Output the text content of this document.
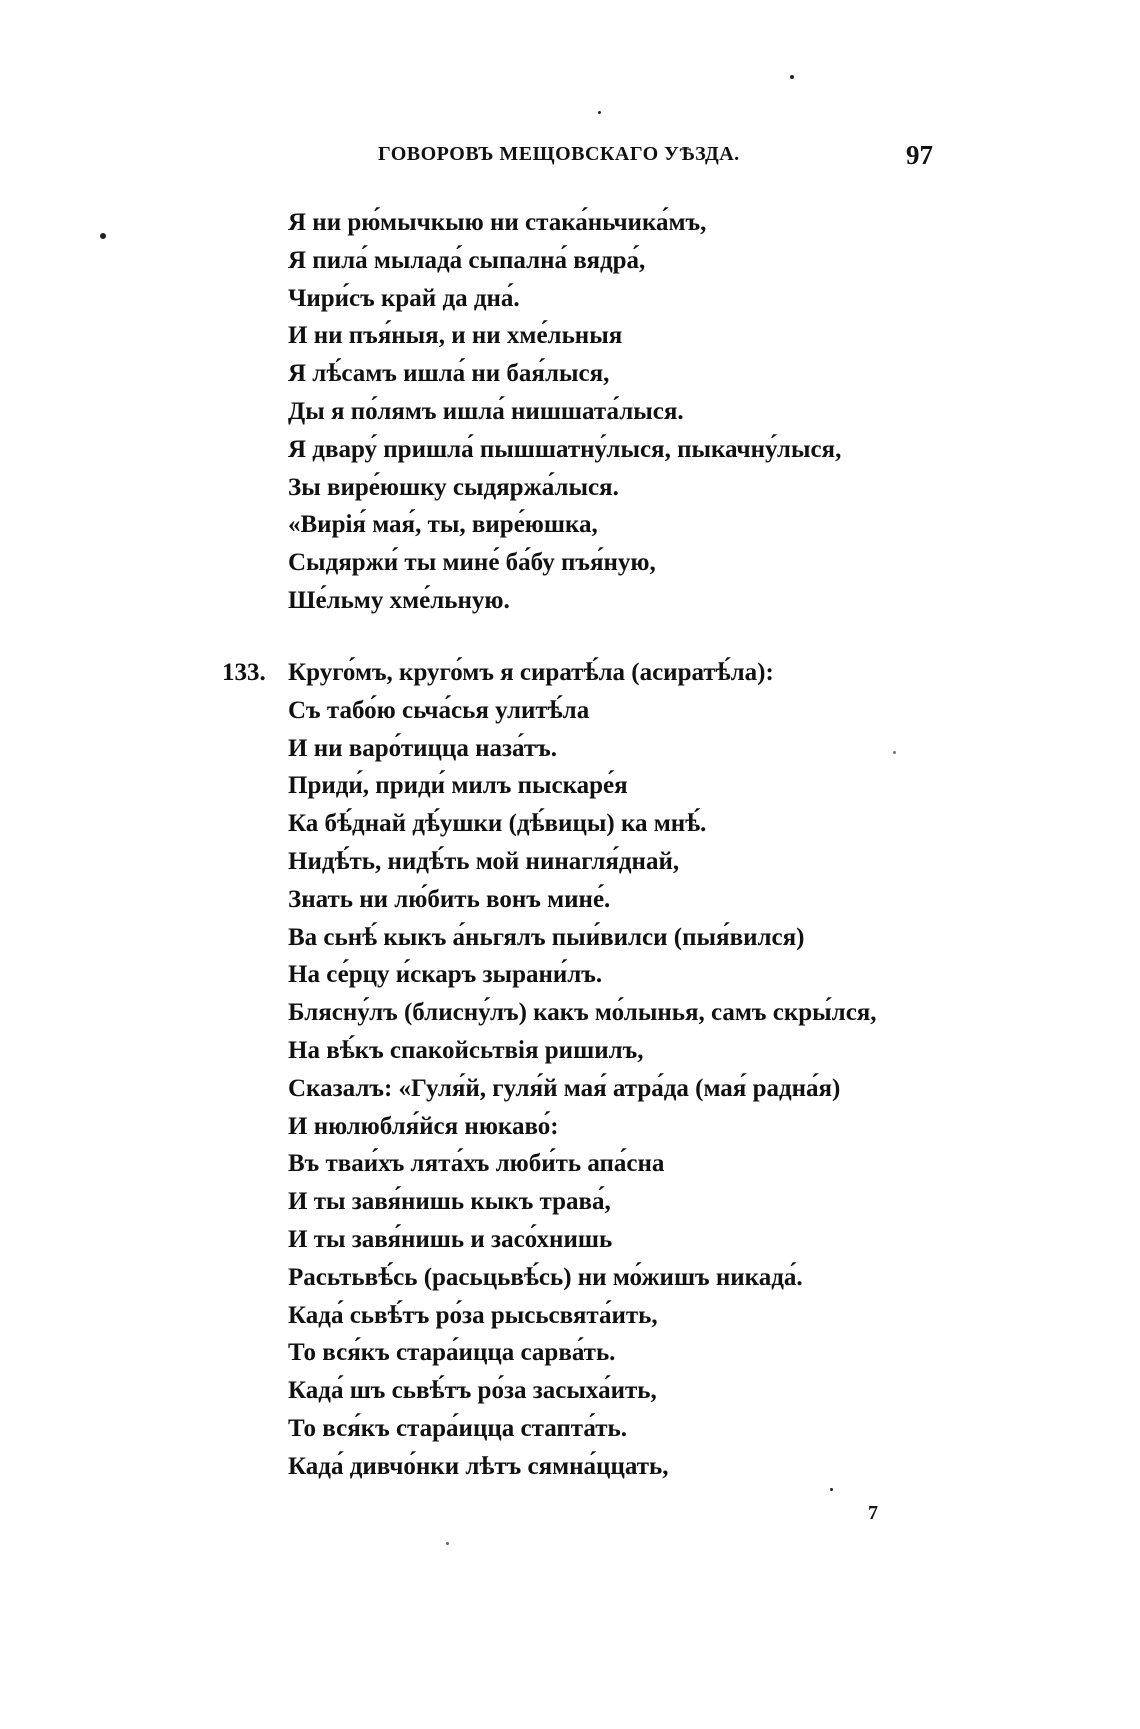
ГОВОРОВЪ МЕЩОВСКАГО УѢЗДА.	97
Я ни рю́мычкыю ни стака́ньчика́мъ,
Я пила́ мылада́ сыпална́ вядра́,
Чири́съ край да дна́.
И ни пъя́ныя, и ни хме́льныя
Я лѣ́самъ ишла́ ни бая́лыся,
Ды я по́лямъ ишла́ нишшата́лыся.
Я двару́ пришла́ пышшатну́лыся, пыкачну́лыся,
Зы вире́юшку сыдяржа́лыся.
«Вирія́ мая́, ты, вире́юшка,
Сыдяржи́ ты мине́ ба́бу пъя́ную,
Ше́льму хме́льную.
133. Круго́мъ, круго́мъ я сиратѣ́ла (асиратѣ́ла):
Съ табо́ю сьча́сья улитѣ́ла
И ни варо́тицца наза́тъ.
Приди́, приди́ милъ пыскаре́я
Ка бѣ́днай дѣ́ушки (дѣ́вицы) ка мнѣ́.
Нидѣ́ть, нидѣ́ть мой нинагля́днай,
Знать ни лю́бить вонъ мине́.
Ва сьнѣ́ кыкъ а́ньгялъ пыи́вилси (пыя́вился)
На се́рцу и́скаръ зырани́лъ.
Бляcну́лъ (блисну́лъ) какъ мо́лынья, самъ скры́лся,
На вѣ́къ спакойсьтвія ришилъ,
Сказалъ: «Гуля́й, гуля́й мая́ атра́да (мая́ радна́я)
И нюлюбля́йся нюкаво́:
Въ тваи́хъ лята́хъ люби́ть апа́сна
И ты завя́нишь кыкъ трава́,
И ты завя́нишь и засо́хнишь
Расьтьвѣ́сь (расьцьвѣ́сь) ни мо́жишъ никада́.
Када́ сьвѣ́тъ ро́за рысьсвята́ить,
То вся́къ стара́ицца сарва́ть.
Када́ шъ сьвѣ́тъ ро́за засыха́ить,
То вся́къ стара́ицца стапта́ть.
Када́ дивчо́нки лѣтъ сямна́ццать,
7
